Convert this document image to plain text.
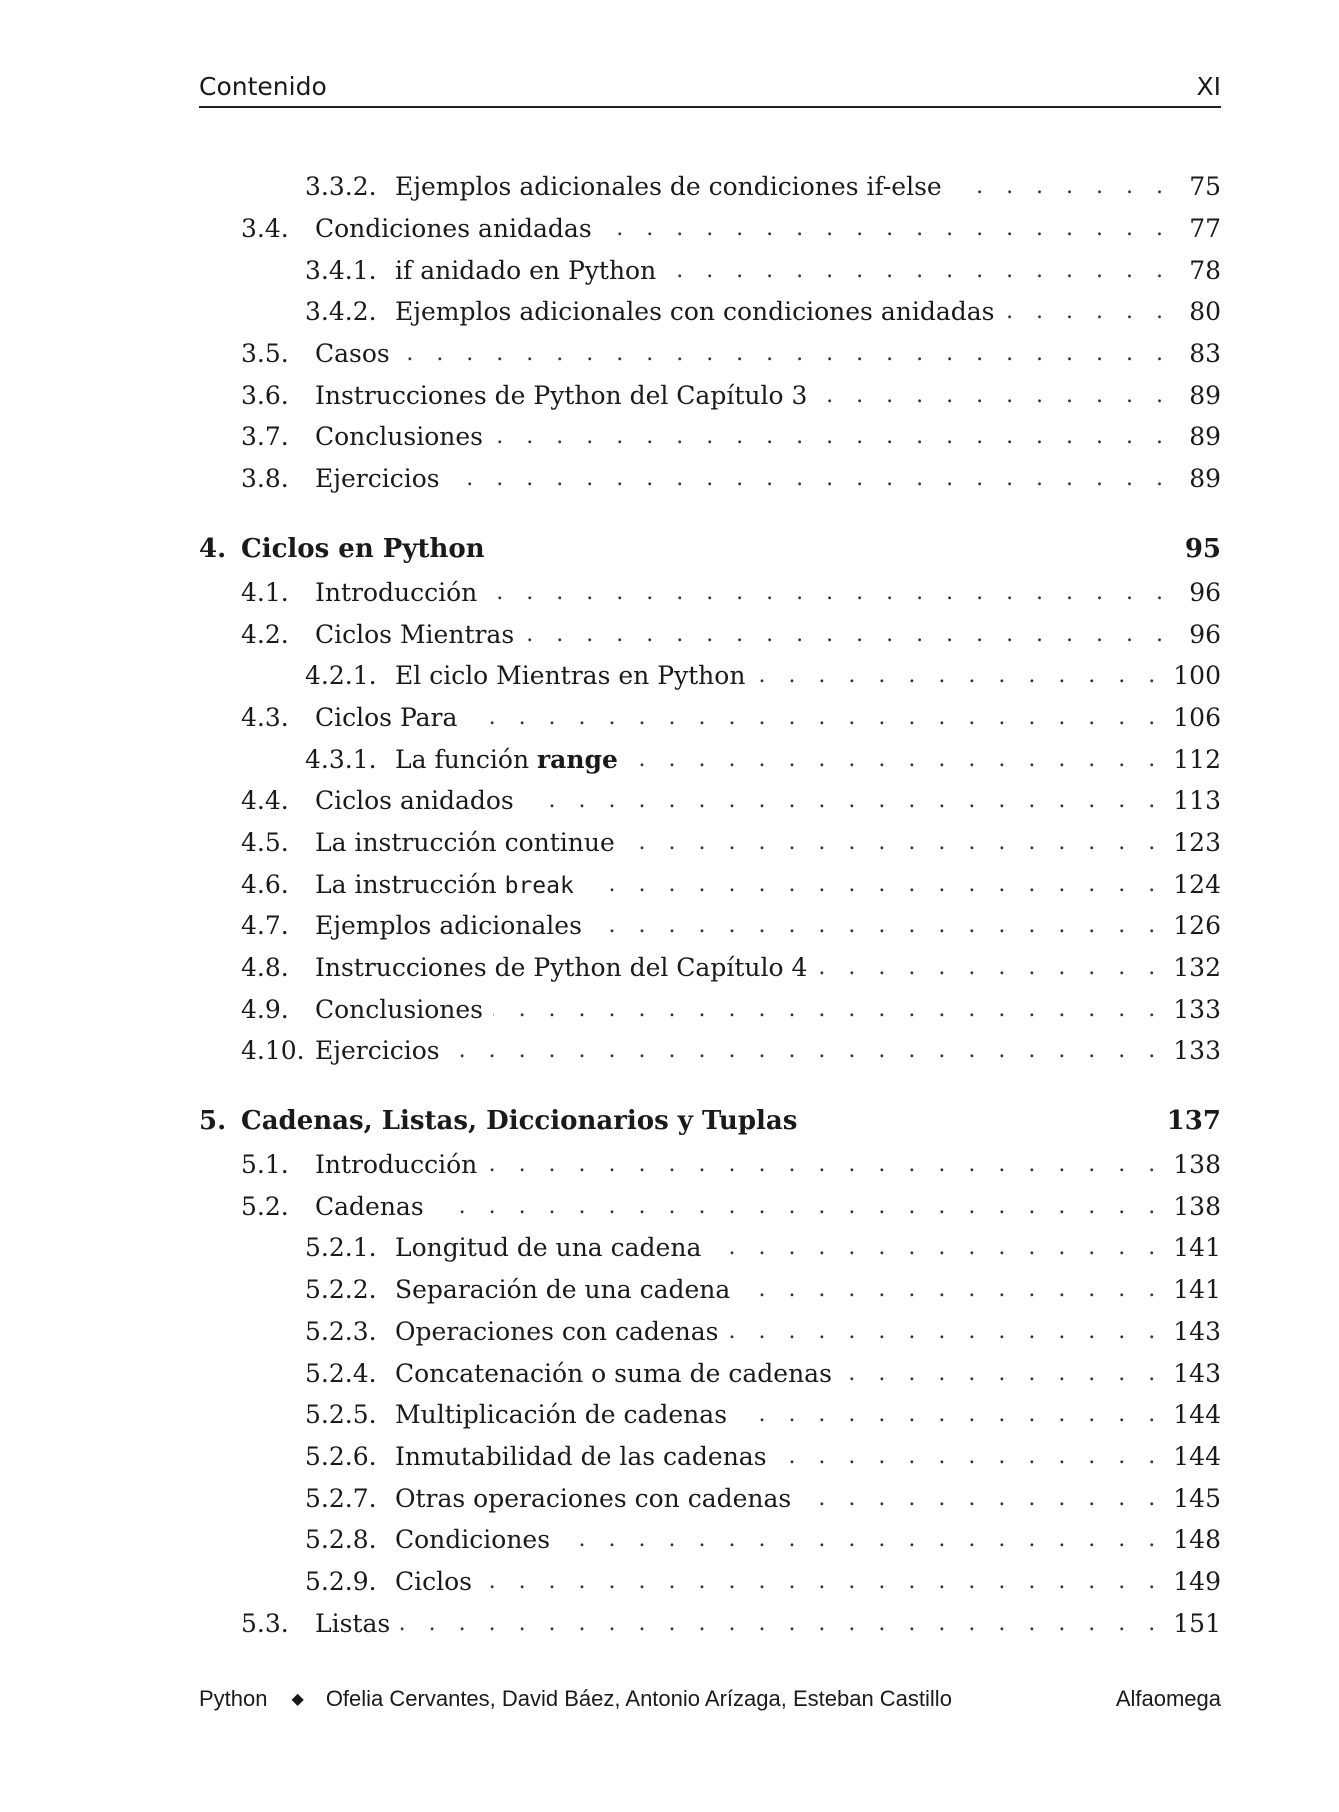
Contenido	XI
3.3.2. Ejemplos adicionales de condiciones if-else . . .	75
3.4.	Condiciones anidadas . . .	77
3.4.1. if anidado en Python . . .	78
3.4.2. Ejemplos adicionales con condiciones anidadas . . .	80
3.5.	Casos . . .	83
3.6.	Instrucciones de Python del Capítulo 3 . . .	89
3.7.	Conclusiones . . .	89
3.8.	Ejercicios . . .	89
4. Ciclos en Python	95
4.1.	Introducción . . .	96
4.2.	Ciclos Mientras . . .	96
4.2.1. El ciclo Mientras en Python . . .	100
4.3.	Ciclos Para . . .	106
4.3.1. La función range . . .	112
4.4.	Ciclos anidados . . .	113
4.5.	La instrucción continue . . .	123
4.6.	La instrucción break . . .	124
4.7.	Ejemplos adicionales . . .	126
4.8.	Instrucciones de Python del Capítulo 4 . . .	132
4.9.	Conclusiones . . .	133
4.10. Ejercicios . . .	133
5. Cadenas, Listas, Diccionarios y Tuplas	137
5.1.	Introducción . . .	138
5.2.	Cadenas . . .	138
5.2.1. Longitud de una cadena . . .	141
5.2.2. Separación de una cadena . . .	141
5.2.3. Operaciones con cadenas . . .	143
5.2.4. Concatenación o suma de cadenas . . .	143
5.2.5. Multiplicación de cadenas . . .	144
5.2.6. Inmutabilidad de las cadenas . . .	144
5.2.7. Otras operaciones con cadenas . . .	145
5.2.8. Condiciones . . .	148
5.2.9. Ciclos . . .	149
5.3.	Listas . . .	151
Python ◆ Ofelia Cervantes, David Báez, Antonio Arízaga, Esteban Castillo	Alfaomega
